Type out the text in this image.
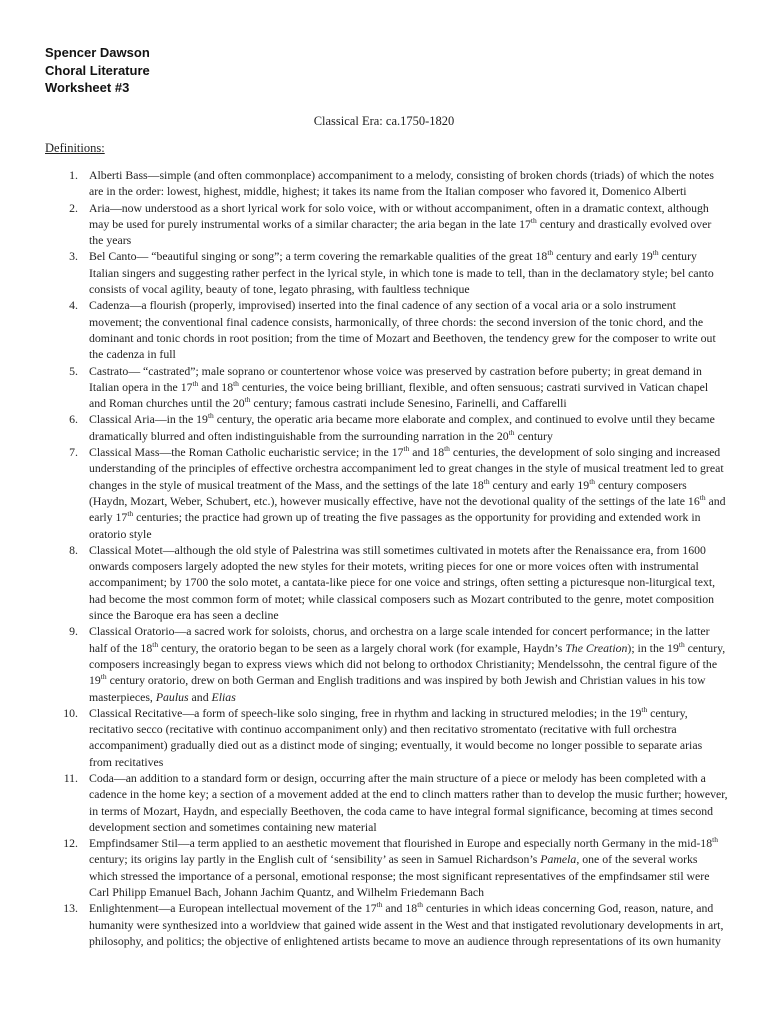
Spencer Dawson
Choral Literature
Worksheet #3
Classical Era: ca.1750-1820
Definitions:
1. Alberti Bass—simple (and often commonplace) accompaniment to a melody, consisting of broken chords (triads) of which the notes are in the order: lowest, highest, middle, highest; it takes its name from the Italian composer who favored it, Domenico Alberti
2. Aria—now understood as a short lyrical work for solo voice, with or without accompaniment, often in a dramatic context, although may be used for purely instrumental works of a similar character; the aria began in the late 17th century and drastically evolved over the years
3. Bel Canto— “beautiful singing or song”; a term covering the remarkable qualities of the great 18th century and early 19th century Italian singers and suggesting rather perfect in the lyrical style, in which tone is made to tell, than in the declamatory style; bel canto consists of vocal agility, beauty of tone, legato phrasing, with faultless technique
4. Cadenza—a flourish (properly, improvised) inserted into the final cadence of any section of a vocal aria or a solo instrument movement; the conventional final cadence consists, harmonically, of three chords: the second inversion of the tonic chord, and the dominant and tonic chords in root position; from the time of Mozart and Beethoven, the tendency grew for the composer to write out the cadenza in full
5. Castrato— “castrated”; male soprano or countertenor whose voice was preserved by castration before puberty; in great demand in Italian opera in the 17th and 18th centuries, the voice being brilliant, flexible, and often sensuous; castrati survived in Vatican chapel and Roman churches until the 20th century; famous castrati include Senesino, Farinelli, and Caffarelli
6. Classical Aria—in the 19th century, the operatic aria became more elaborate and complex, and continued to evolve until they became dramatically blurred and often indistinguishable from the surrounding narration in the 20th century
7. Classical Mass—the Roman Catholic eucharistic service; in the 17th and 18th centuries, the development of solo singing and increased understanding of the principles of effective orchestra accompaniment led to great changes in the style of musical treatment led to great changes in the style of musical treatment of the Mass, and the settings of the late 18th century and early 19th century composers (Haydn, Mozart, Weber, Schubert, etc.), however musically effective, have not the devotional quality of the settings of the late 16th and early 17th centuries; the practice had grown up of treating the five passages as the opportunity for providing and extended work in oratorio style
8. Classical Motet—although the old style of Palestrina was still sometimes cultivated in motets after the Renaissance era, from 1600 onwards composers largely adopted the new styles for their motets, writing pieces for one or more voices often with instrumental accompaniment; by 1700 the solo motet, a cantata-like piece for one voice and strings, often setting a picturesque non-liturgical text, had become the most common form of motet; while classical composers such as Mozart contributed to the genre, motet composition since the Baroque era has seen a decline
9. Classical Oratorio—a sacred work for soloists, chorus, and orchestra on a large scale intended for concert performance; in the latter half of the 18th century, the oratorio began to be seen as a largely choral work (for example, Haydn’s The Creation); in the 19th century, composers increasingly began to express views which did not belong to orthodox Christianity; Mendelssohn, the central figure of the 19th century oratorio, drew on both German and English traditions and was inspired by both Jewish and Christian values in his tow masterpieces, Paulus and Elias
10. Classical Recitative—a form of speech-like solo singing, free in rhythm and lacking in structured melodies; in the 19th century, recitativo secco (recitative with continuo accompaniment only) and then recitativo stromentato (recitative with full orchestra accompaniment) gradually died out as a distinct mode of singing; eventually, it would become no longer possible to separate arias from recitatives
11. Coda—an addition to a standard form or design, occurring after the main structure of a piece or melody has been completed with a cadence in the home key; a section of a movement added at the end to clinch matters rather than to develop the music further; however, in terms of Mozart, Haydn, and especially Beethoven, the coda came to have integral formal significance, becoming at times second development section and sometimes containing new material
12. Empfindsamer Stil—a term applied to an aesthetic movement that flourished in Europe and especially north Germany in the mid-18th century; its origins lay partly in the English cult of ‘sensibility’ as seen in Samuel Richardson’s Pamela, one of the several works which stressed the importance of a personal, emotional response; the most significant representatives of the empfindsamer stil were Carl Philipp Emanuel Bach, Johann Jachim Quantz, and Wilhelm Friedemann Bach
13. Enlightenment—a European intellectual movement of the 17th and 18th centuries in which ideas concerning God, reason, nature, and humanity were synthesized into a worldview that gained wide assent in the West and that instigated revolutionary developments in art, philosophy, and politics; the objective of enlightened artists became to move an audience through representations of its own humanity
